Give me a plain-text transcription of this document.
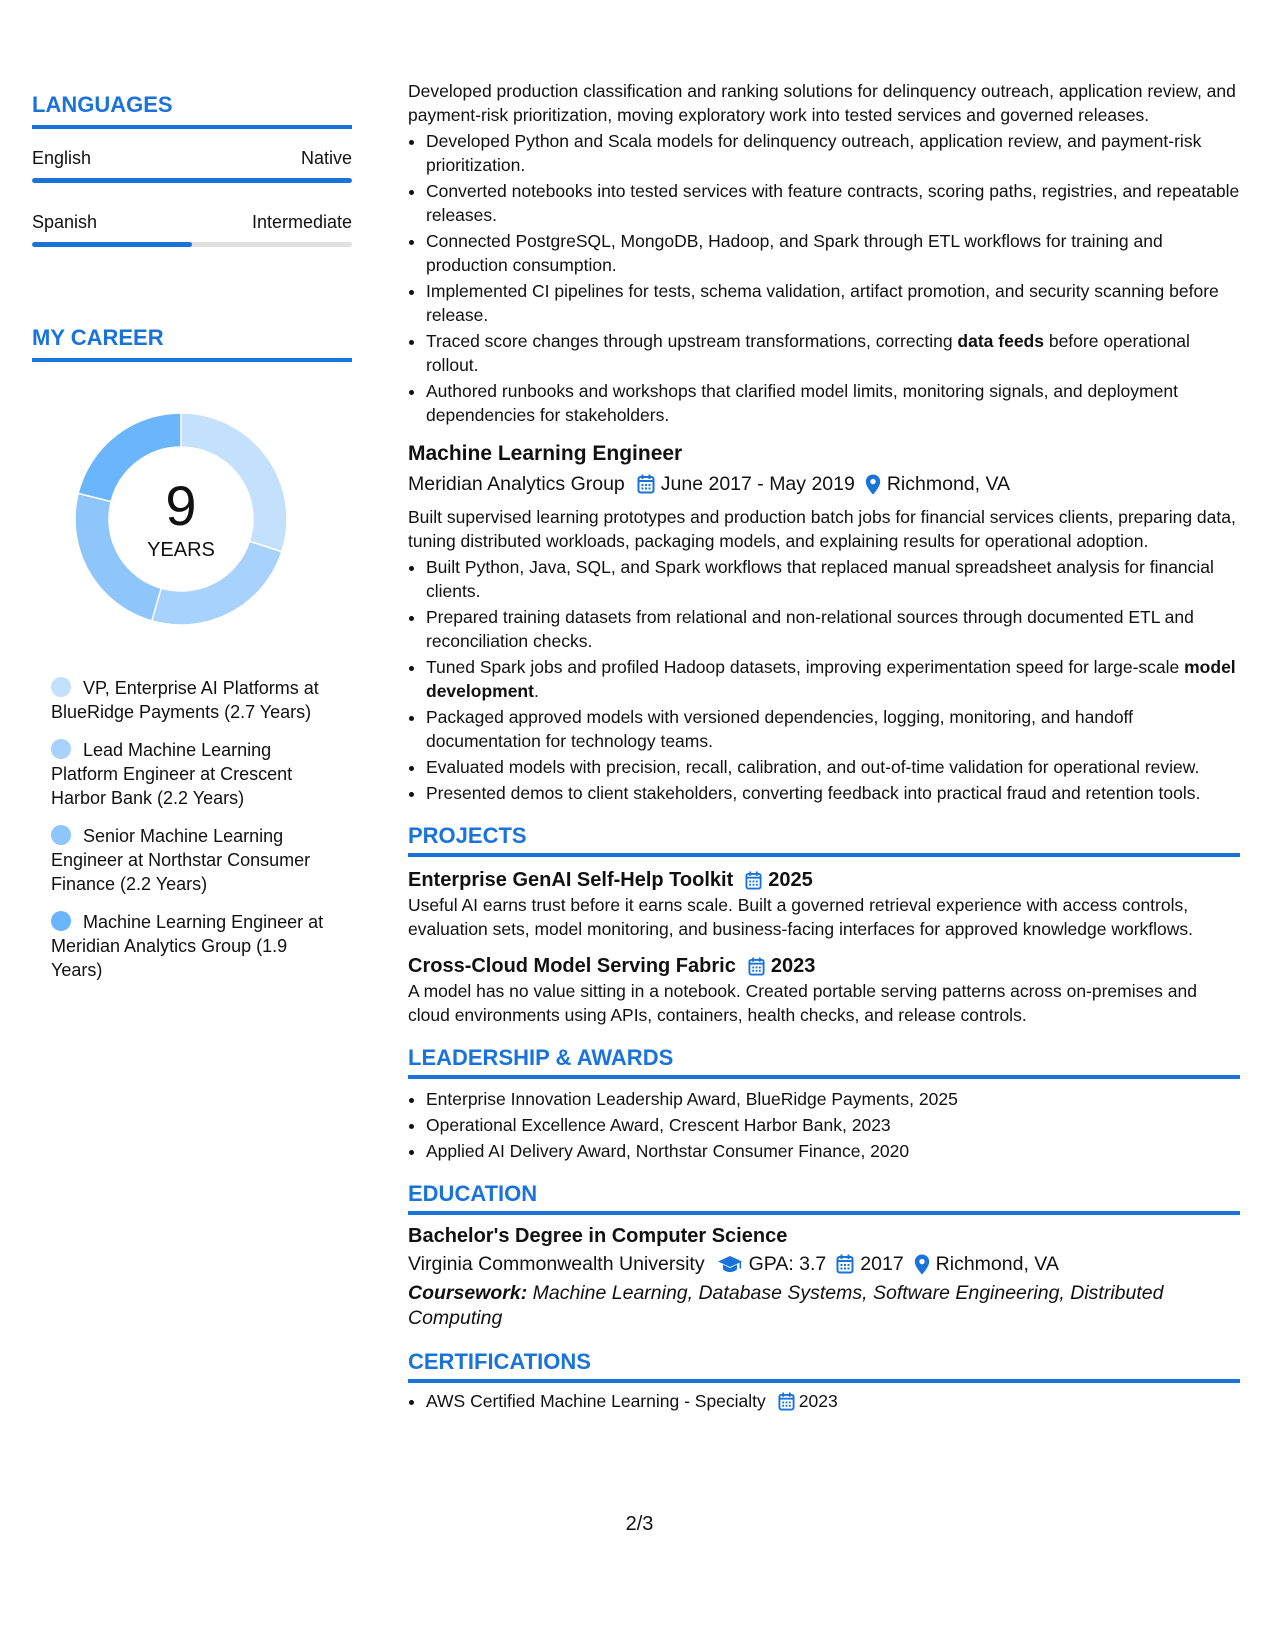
LANGUAGES
English	Native
Spanish	Intermediate
MY CAREER
9
YEARS
VP, Enterprise AI Platforms at BlueRidge Payments (2.7 Years)
Lead Machine Learning Platform Engineer at Crescent Harbor Bank (2.2 Years)
Senior Machine Learning Engineer at Northstar Consumer Finance (2.2 Years)
Machine Learning Engineer at Meridian Analytics Group (1.9 Years)

Developed production classification and ranking solutions for delinquency outreach, application review, and payment-risk prioritization, moving exploratory work into tested services and governed releases.

• Developed Python and Scala models for delinquency outreach, application review, and payment-risk prioritization.
• Converted notebooks into tested services with feature contracts, scoring paths, registries, and repeatable releases.
• Connected PostgreSQL, MongoDB, Hadoop, and Spark through ETL workflows for training and production consumption.
• Implemented CI pipelines for tests, schema validation, artifact promotion, and security scanning before release.
• Traced score changes through upstream transformations, correcting data feeds before operational rollout.
• Authored runbooks and workshops that clarified model limits, monitoring signals, and deployment dependencies for stakeholders.
Machine Learning Engineer
Meridian Analytics Group June 2017 - May 2019 Richmond, VA

Built supervised learning prototypes and production batch jobs for financial services clients, preparing data, tuning distributed workloads, packaging models, and explaining results for operational adoption.

• Built Python, Java, SQL, and Spark workflows that replaced manual spreadsheet analysis for financial clients.
• Prepared training datasets from relational and non-relational sources through documented ETL and reconciliation checks.
• Tuned Spark jobs and profiled Hadoop datasets, improving experimentation speed for large-scale model development.
• Packaged approved models with versioned dependencies, logging, monitoring, and handoff documentation for technology teams.
• Evaluated models with precision, recall, calibration, and out-of-time validation for operational review.
• Presented demos to client stakeholders, converting feedback into practical fraud and retention tools.
PROJECTS
Enterprise GenAI Self-Help Toolkit 2025

Useful AI earns trust before it earns scale. Built a governed retrieval experience with access controls, evaluation sets, model monitoring, and business-facing interfaces for approved knowledge workflows.

Cross-Cloud Model Serving Fabric 2023

A model has no value sitting in a notebook. Created portable serving patterns across on-premises and cloud environments using APIs, containers, health checks, and release controls.

LEADERSHIP & AWARDS
• Enterprise Innovation Leadership Award, BlueRidge Payments, 2025
• Operational Excellence Award, Crescent Harbor Bank, 2023
• Applied AI Delivery Award, Northstar Consumer Finance, 2020
EDUCATION
Bachelor's Degree in Computer Science
Virginia Commonwealth University GPA: 3.7 2017 Richmond, VA
Coursework: Machine Learning, Database Systems, Software Engineering, Distributed Computing
CERTIFICATIONS
• AWS Certified Machine Learning - Specialty 2023
2/3
